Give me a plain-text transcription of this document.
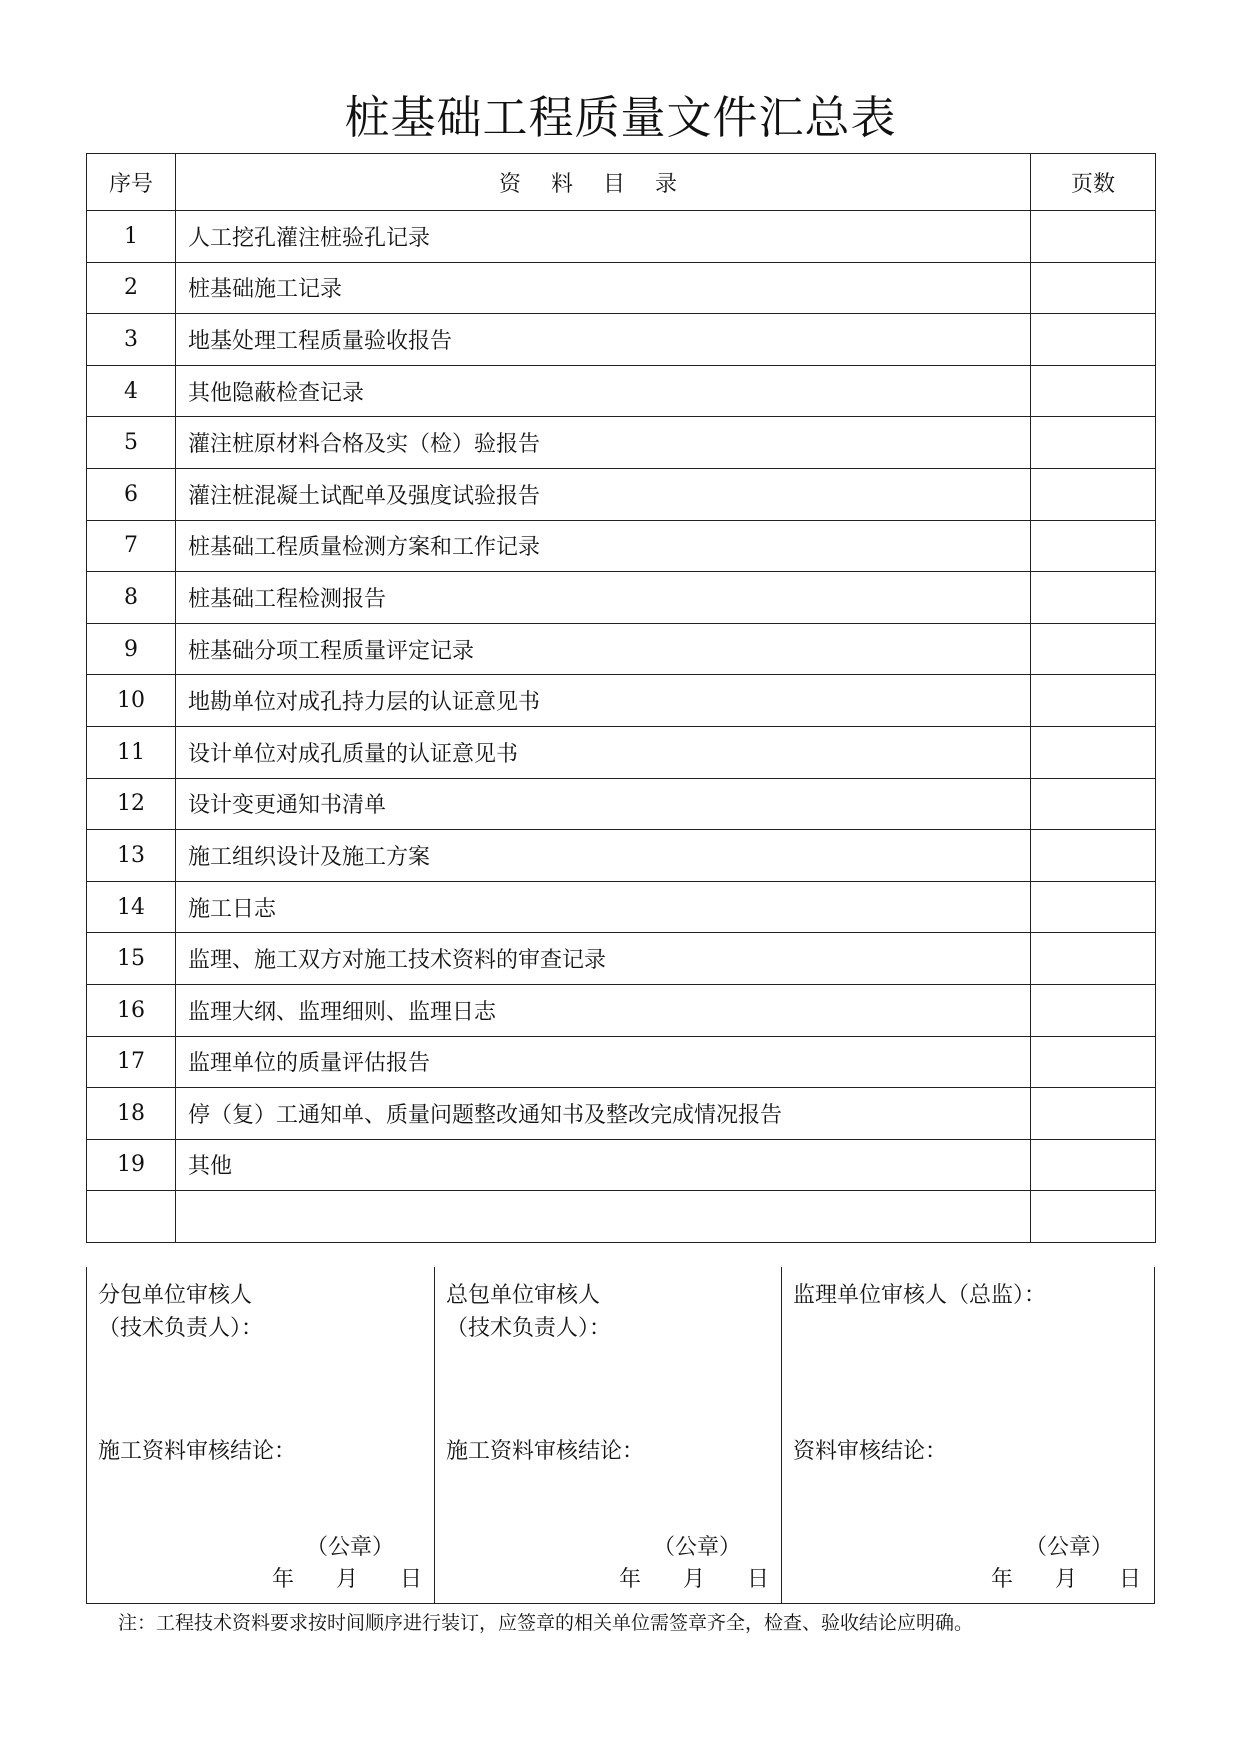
桩基础工程质量文件汇总表
序号	资料目录	页数
1	人工挖孔灌注桩验孔记录	
2	桩基础施工记录	
3	地基处理工程质量验收报告	
4	其他隐蔽检查记录	
5	灌注桩原材料合格及实（检）验报告	
6	灌注桩混凝土试配单及强度试验报告	
7	桩基础工程质量检测方案和工作记录	
8	桩基础工程检测报告	
9	桩基础分项工程质量评定记录	
10	地勘单位对成孔持力层的认证意见书	
11	设计单位对成孔质量的认证意见书	
12	设计变更通知书清单	
13	施工组织设计及施工方案	
14	施工日志	
15	监理、施工双方对施工技术资料的审查记录	
16	监理大纲、监理细则、监理日志	
17	监理单位的质量评估报告	
18	停（复）工通知单、质量问题整改通知书及整改完成情况报告	
19	其他	

分包单位审核人
（技术负责人）：
施工资料审核结论：
（公章）
年 月 日
总包单位审核人
（技术负责人）：
施工资料审核结论：
（公章）
年 月 日
监理单位审核人（总监）：
资料审核结论：
（公章）
年 月 日
注：工程技术资料要求按时间顺序进行装订，应签章的相关单位需签章齐全，检查、验收结论应明确。
